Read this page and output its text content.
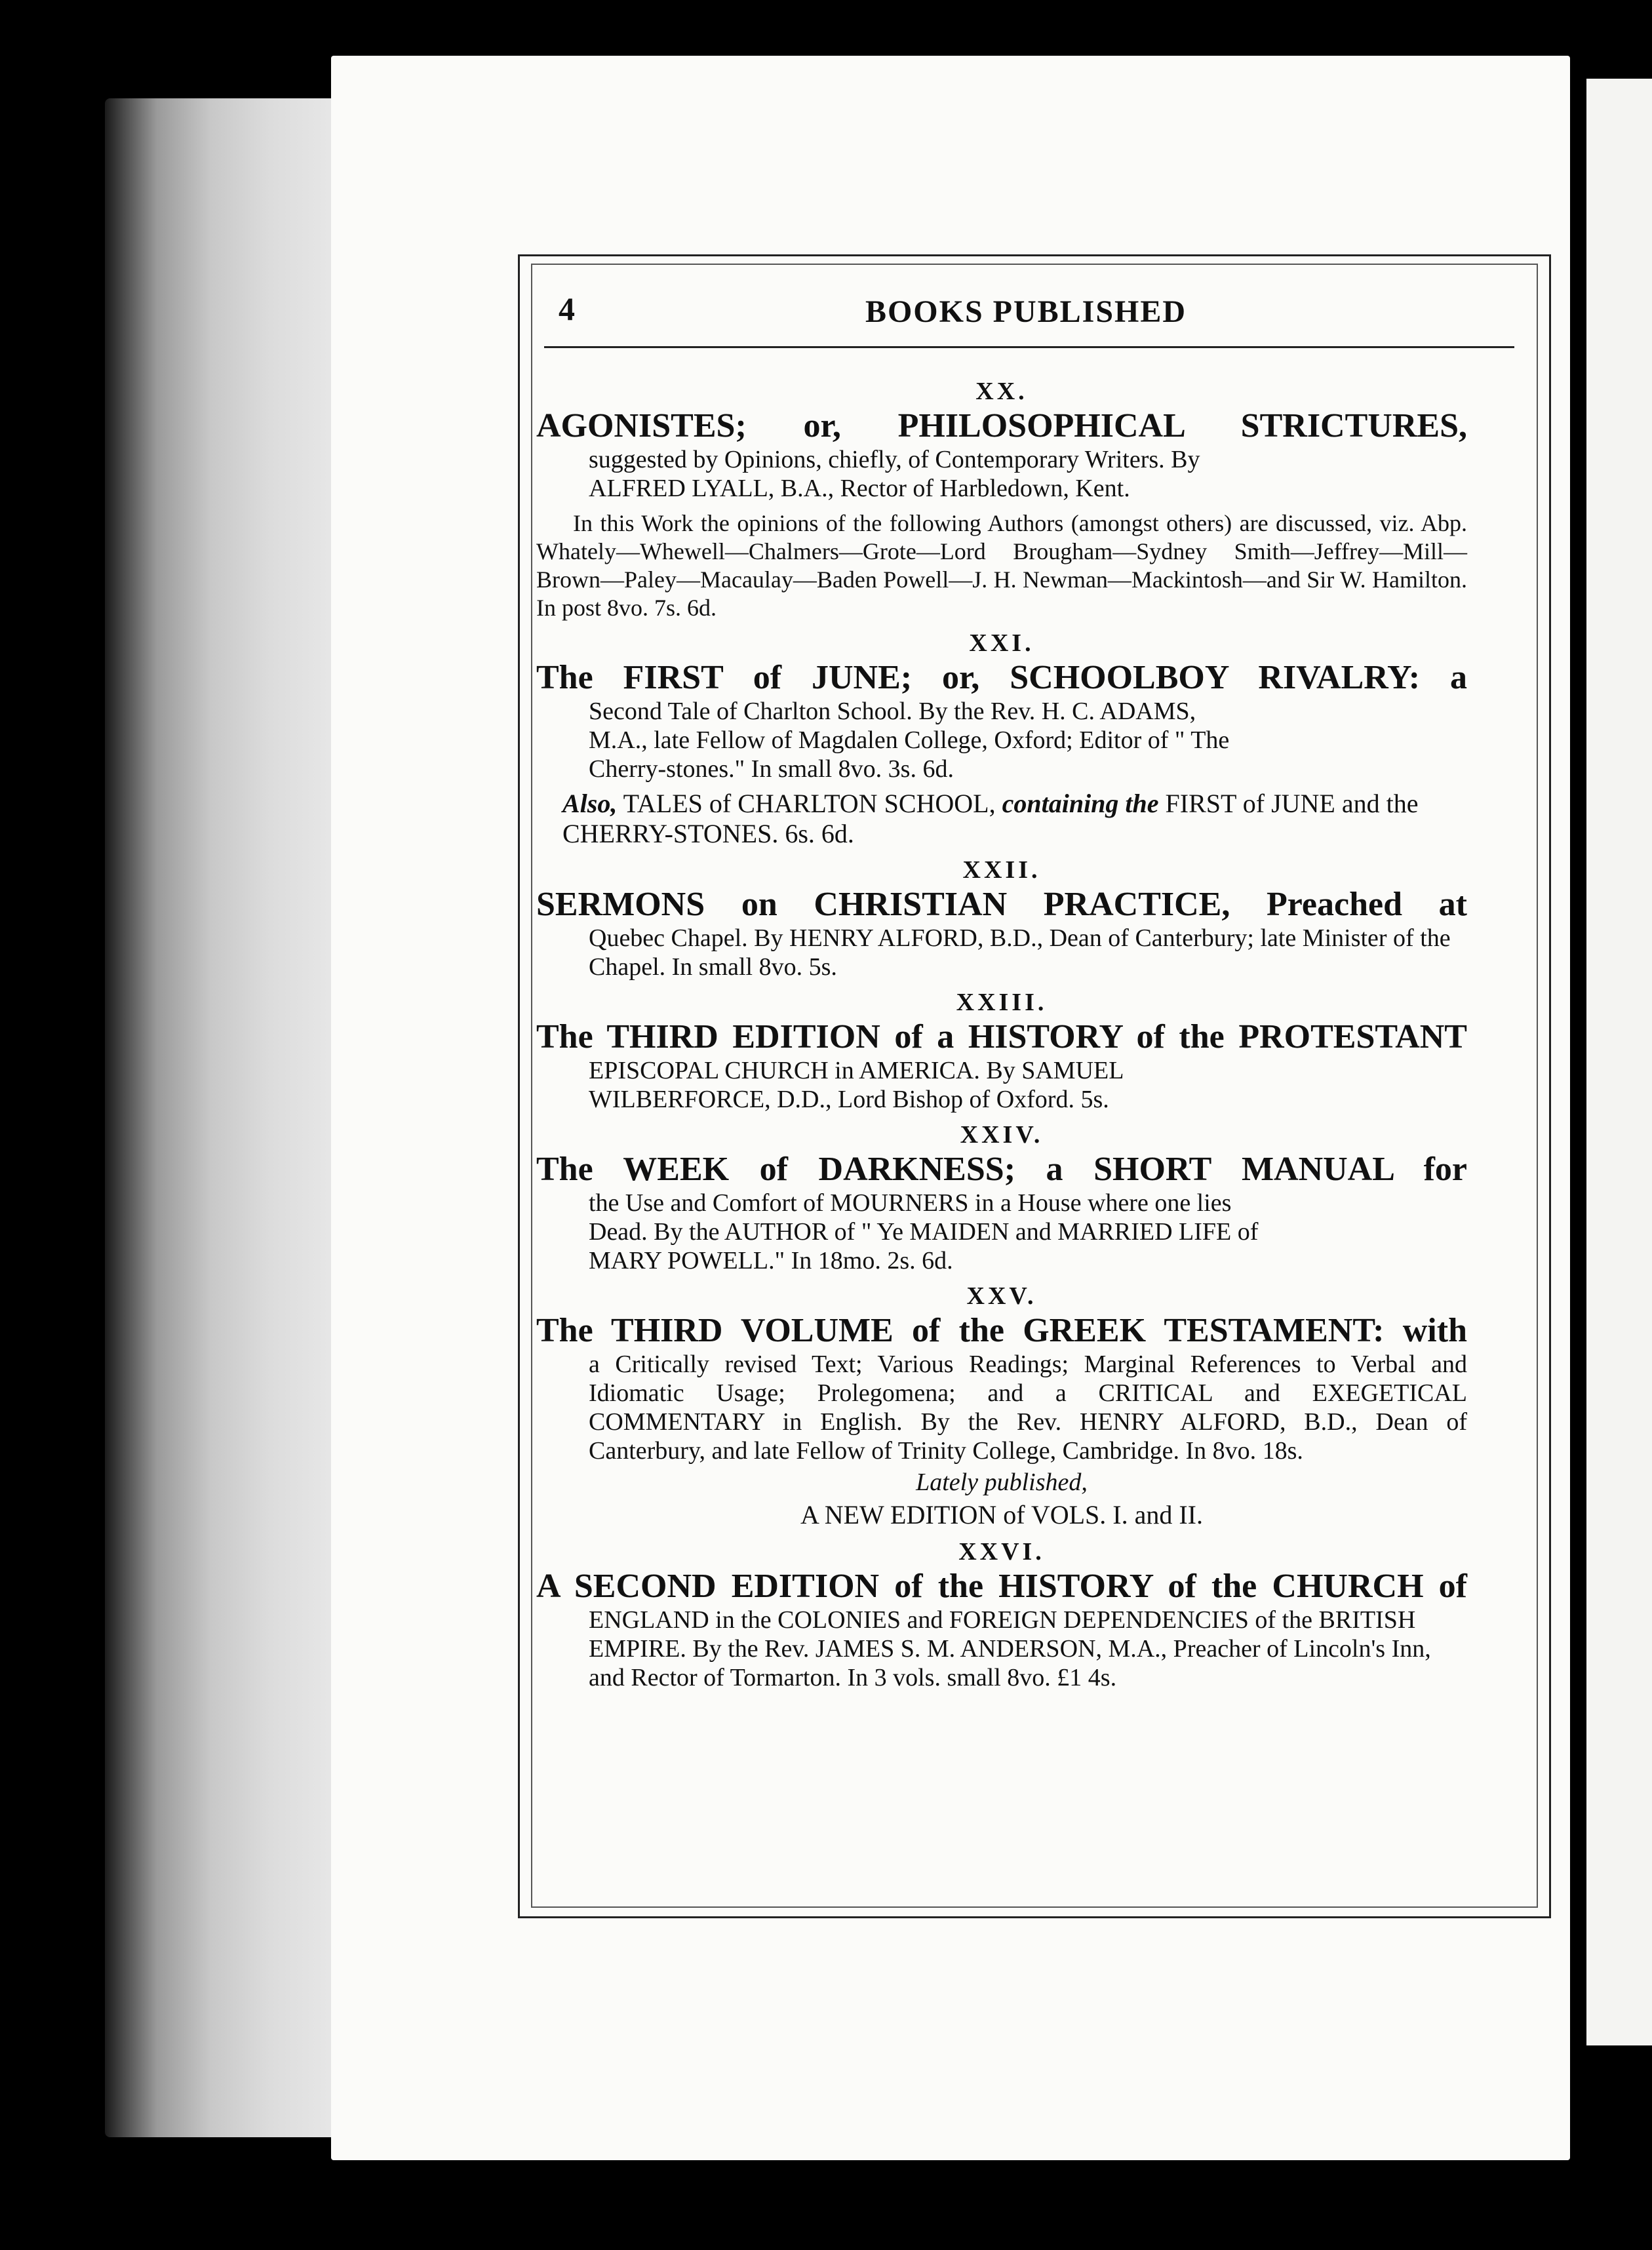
4	BOOKS PUBLISHED
XX.
AGONISTES; or, PHILOSOPHICAL STRICTURES,
suggested by Opinions, chiefly, of Contemporary Writers. By
ALFRED LYALL, B.A., Rector of Harbledown, Kent.
In this Work the opinions of the following Authors (amongst others) are discussed, viz. Abp. Whately—Whewell—Chalmers—Grote—Lord Brougham—Sydney Smith—Jeffrey—Mill—Brown—Paley—Macaulay—Baden Powell—J. H. Newman—Mackintosh—and Sir W. Hamilton. In post 8vo. 7s. 6d.
XXI.
The FIRST of JUNE; or, SCHOOLBOY RIVALRY: a
Second Tale of Charlton School. By the Rev. H. C. ADAMS,
M.A., late Fellow of Magdalen College, Oxford; Editor of " The
Cherry-stones." In small 8vo. 3s. 6d.
Also, TALES of CHARLTON SCHOOL, containing the FIRST of JUNE and the CHERRY-STONES. 6s. 6d.
XXII.
SERMONS on CHRISTIAN PRACTICE, Preached at
Quebec Chapel. By HENRY ALFORD, B.D., Dean of Canterbury; late Minister of the Chapel. In small 8vo. 5s.
XXIII.
The THIRD EDITION of a HISTORY of the PROTESTANT
EPISCOPAL CHURCH in AMERICA. By SAMUEL
WILBERFORCE, D.D., Lord Bishop of Oxford. 5s.
XXIV.
The WEEK of DARKNESS; a SHORT MANUAL for
the Use and Comfort of MOURNERS in a House where one lies
Dead. By the AUTHOR of " Ye MAIDEN and MARRIED LIFE of
MARY POWELL." In 18mo. 2s. 6d.
XXV.
The THIRD VOLUME of the GREEK TESTAMENT: with
a Critically revised Text; Various Readings; Marginal References to Verbal and Idiomatic Usage; Prolegomena; and a CRITICAL and EXEGETICAL COMMENTARY in English. By the Rev. HENRY ALFORD, B.D., Dean of Canterbury, and late Fellow of Trinity College, Cambridge. In 8vo. 18s.
Lately published,
A NEW EDITION of VOLS. I. and II.
XXVI.
A SECOND EDITION of the HISTORY of the CHURCH of
ENGLAND in the COLONIES and FOREIGN DEPENDENCIES of the BRITISH EMPIRE. By the Rev. JAMES S. M. ANDERSON, M.A., Preacher of Lincoln's Inn, and Rector of Tormarton. In 3 vols. small 8vo. £1 4s.
